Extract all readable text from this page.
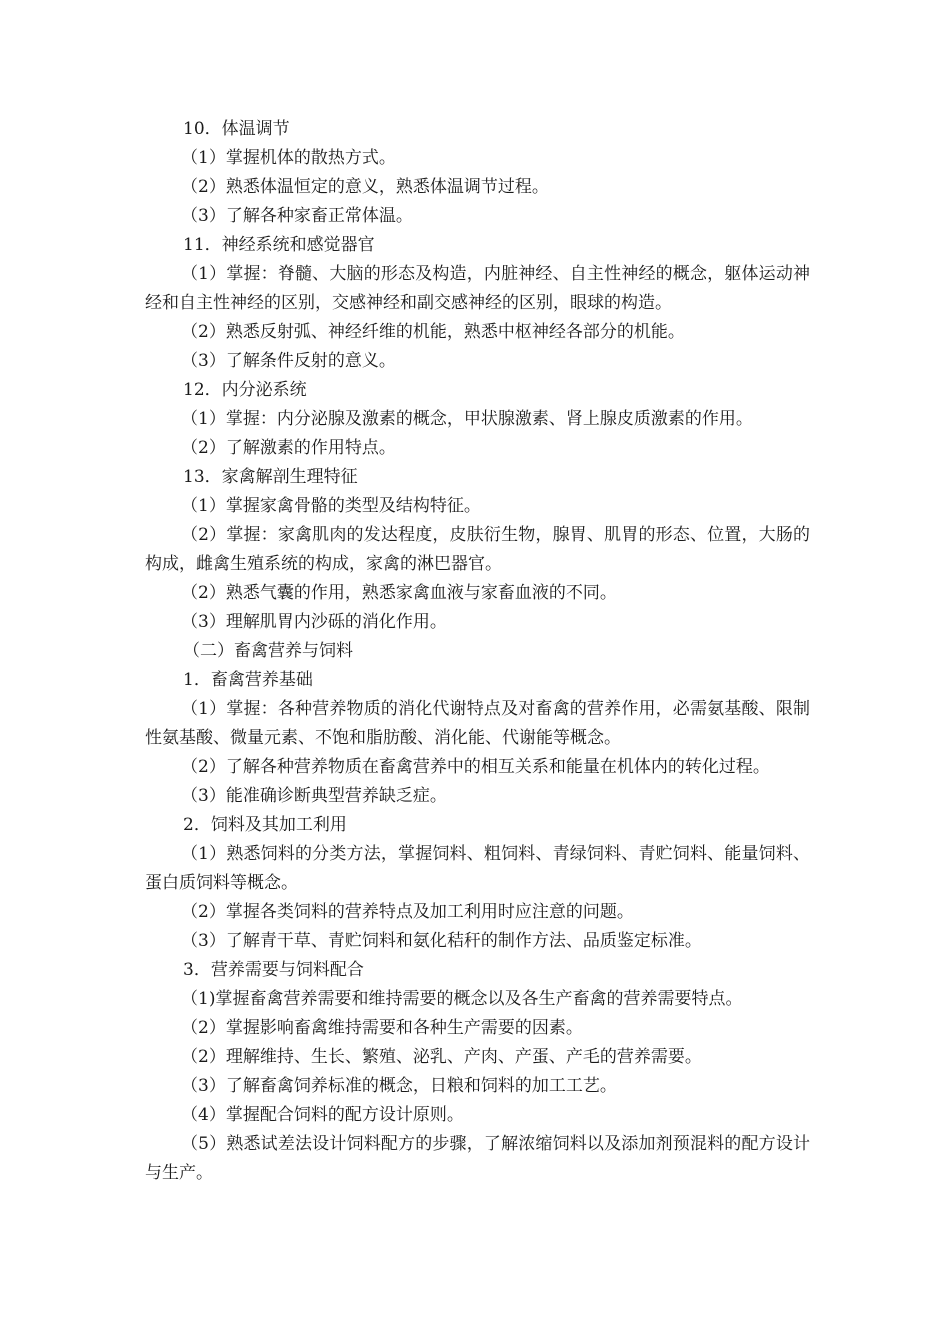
10．体温调节

（1）掌握机体的散热方式。

（2）熟悉体温恒定的意义，熟悉体温调节过程。

（3）了解各种家畜正常体温。

11．神经系统和感觉器官

（1）掌握：脊髓、大脑的形态及构造，内脏神经、自主性神经的概念，躯体运动神经和自主性神经的区别，交感神经和副交感神经的区别，眼球的构造。

（2）熟悉反射弧、神经纤维的机能，熟悉中枢神经各部分的机能。

（3）了解条件反射的意义。

12．内分泌系统

（1）掌握：内分泌腺及激素的概念，甲状腺激素、肾上腺皮质激素的作用。

（2）了解激素的作用特点。

13．家禽解剖生理特征

（1）掌握家禽骨骼的类型及结构特征。

（2）掌握：家禽肌肉的发达程度，皮肤衍生物，腺胃、肌胃的形态、位置，大肠的构成，雌禽生殖系统的构成，家禽的淋巴器官。

（2）熟悉气囊的作用，熟悉家禽血液与家畜血液的不同。

（3）理解肌胃内沙砾的消化作用。

（二）畜禽营养与饲料

1．畜禽营养基础

（1）掌握：各种营养物质的消化代谢特点及对畜禽的营养作用，必需氨基酸、限制性氨基酸、微量元素、不饱和脂肪酸、消化能、代谢能等概念。

（2）了解各种营养物质在畜禽营养中的相互关系和能量在机体内的转化过程。

（3）能准确诊断典型营养缺乏症。

2．饲料及其加工利用

（1）熟悉饲料的分类方法，掌握饲料、粗饲料、青绿饲料、青贮饲料、能量饲料、蛋白质饲料等概念。

（2）掌握各类饲料的营养特点及加工利用时应注意的问题。

（3）了解青干草、青贮饲料和氨化秸秆的制作方法、品质鉴定标准。

3．营养需要与饲料配合

（1)掌握畜禽营养需要和维持需要的概念以及各生产畜禽的营养需要特点。

（2）掌握影响畜禽维持需要和各种生产需要的因素。

（2）理解维持、生长、繁殖、泌乳、产肉、产蛋、产毛的营养需要。

（3）了解畜禽饲养标准的概念，日粮和饲料的加工工艺。

（4）掌握配合饲料的配方设计原则。

（5）熟悉试差法设计饲料配方的步骤，了解浓缩饲料以及添加剂预混料的配方设计与生产。
